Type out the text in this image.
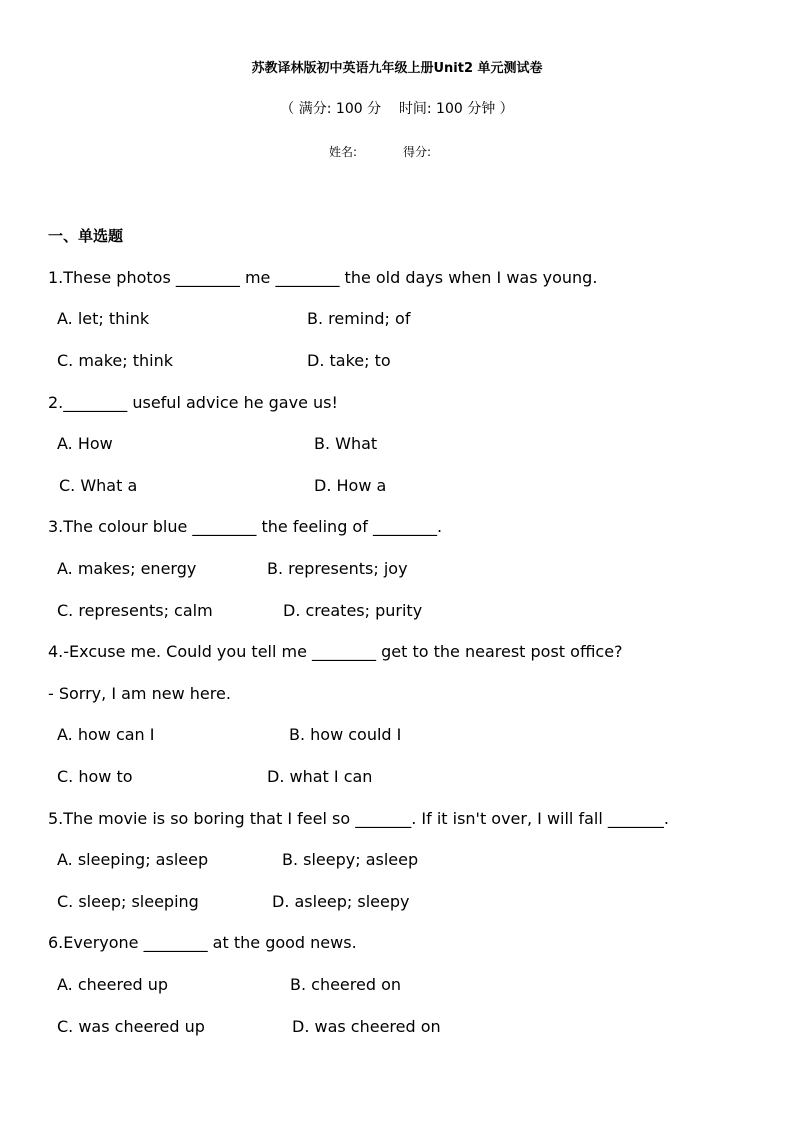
苏教译林版初中英语九年级上册Unit2 单元测试卷
（ 满分: 100 分    时间: 100 分钟 ）
姓名:	得分:
一、单选题
1.These photos ________ me ________ the old days when I was young.
A. let; think	B. remind; of
C. make; think	D. take; to
2.________ useful advice he gave us!
A. How	B. What
C. What a	D. How a
3.The colour blue ________ the feeling of ________.
A. makes; energy	B. represents; joy
C. represents; calm	D. creates; purity
4.-Excuse me. Could you tell me ________ get to the nearest post office?
- Sorry, I am new here.
A. how can I	B. how could I
C. how to	D. what I can
5.The movie is so boring that I feel so _______. If it isn't over, I will fall _______.
A. sleeping; asleep	B. sleepy; asleep
C. sleep; sleeping	D. asleep; sleepy
6.Everyone ________ at the good news.
A. cheered up	B. cheered on
C. was cheered up	D. was cheered on
